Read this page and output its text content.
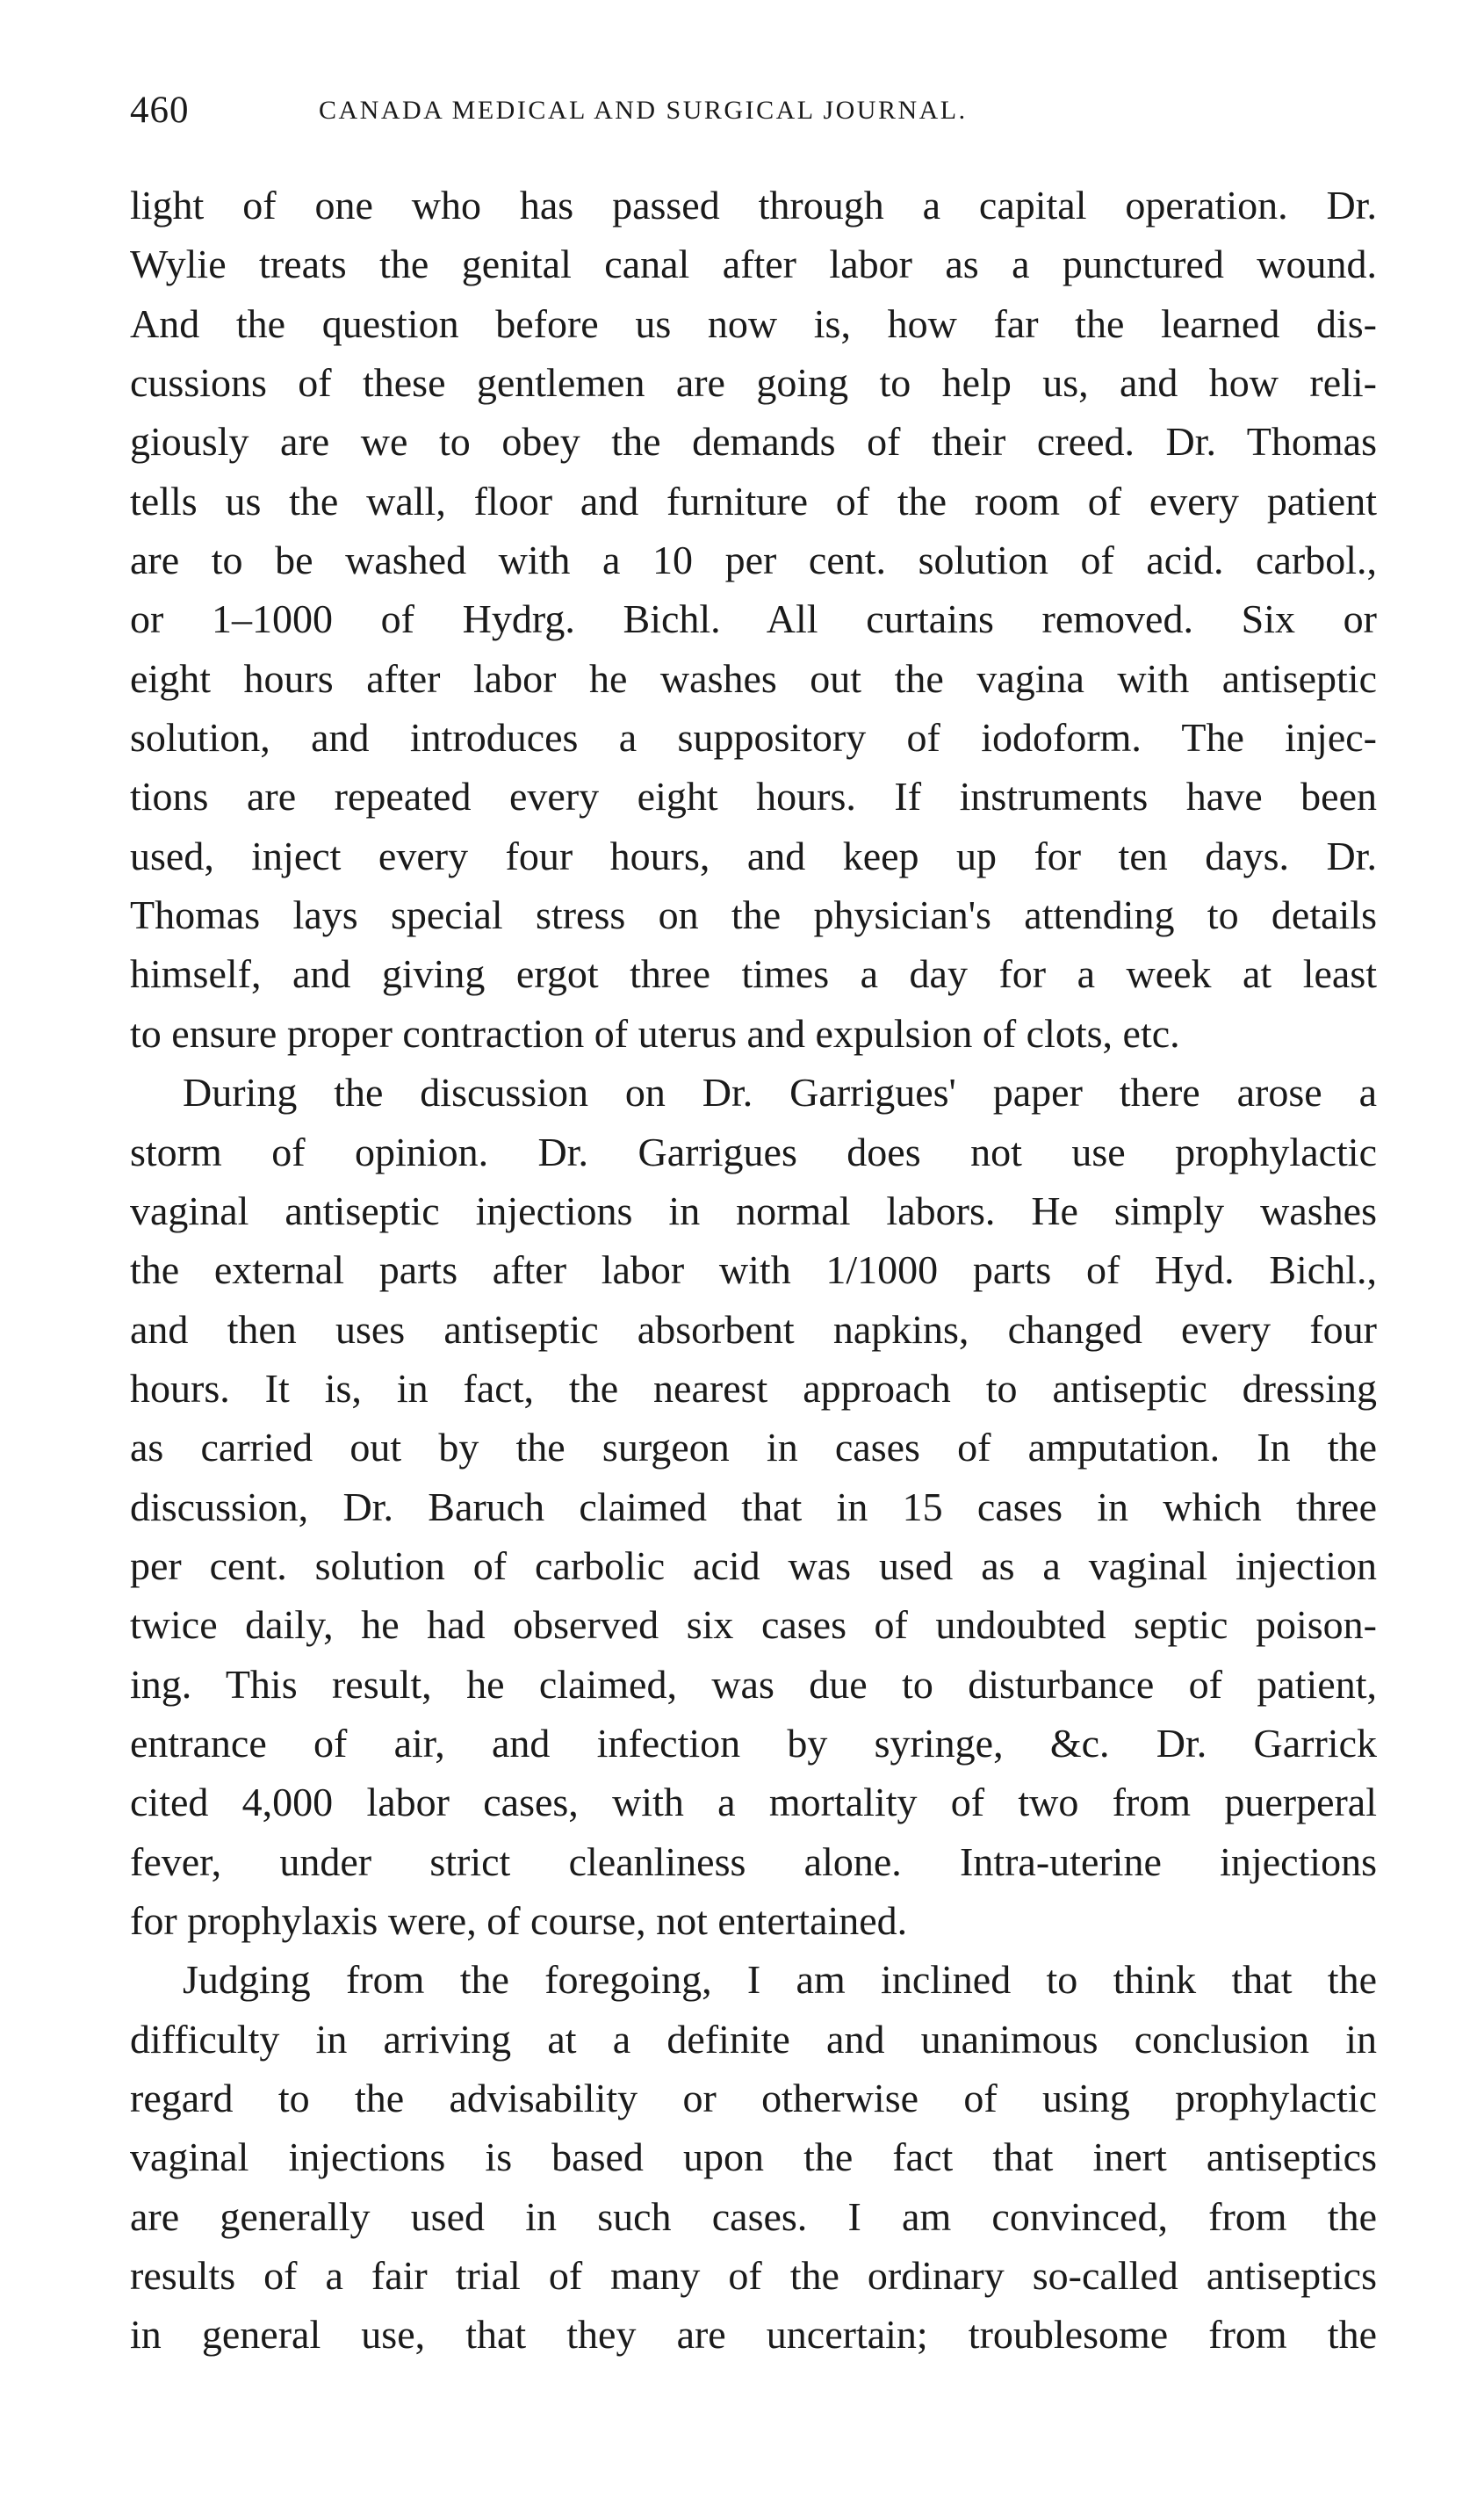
460	CANADA MEDICAL AND SURGICAL JOURNAL.
light of one who has passed through a capital operation. Dr.
Wylie treats the genital canal after labor as a punctured wound.
And the question before us now is, how far the learned dis-
cussions of these gentlemen are going to help us, and how reli-
giously are we to obey the demands of their creed. Dr. Thomas
tells us the wall, floor and furniture of the room of every patient
are to be washed with a 10 per cent. solution of acid. carbol.,
or 1–1000 of Hydrg. Bichl. All curtains removed. Six or
eight hours after labor he washes out the vagina with antiseptic
solution, and introduces a suppository of iodoform. The injec-
tions are repeated every eight hours. If instruments have been
used, inject every four hours, and keep up for ten days. Dr.
Thomas lays special stress on the physician's attending to details
himself, and giving ergot three times a day for a week at least
to ensure proper contraction of uterus and expulsion of clots, etc.
During the discussion on Dr. Garrigues' paper there arose a
storm of opinion. Dr. Garrigues does not use prophylactic
vaginal antiseptic injections in normal labors. He simply washes
the external parts after labor with 1/1000 parts of Hyd. Bichl.,
and then uses antiseptic absorbent napkins, changed every four
hours. It is, in fact, the nearest approach to antiseptic dressing
as carried out by the surgeon in cases of amputation. In the
discussion, Dr. Baruch claimed that in 15 cases in which three
per cent. solution of carbolic acid was used as a vaginal injection
twice daily, he had observed six cases of undoubted septic poison-
ing. This result, he claimed, was due to disturbance of patient,
entrance of air, and infection by syringe, &c. Dr. Garrick
cited 4,000 labor cases, with a mortality of two from puerperal
fever, under strict cleanliness alone. Intra-uterine injections
for prophylaxis were, of course, not entertained.
Judging from the foregoing, I am inclined to think that the
difficulty in arriving at a definite and unanimous conclusion in
regard to the advisability or otherwise of using prophylactic
vaginal injections is based upon the fact that inert antiseptics
are generally used in such cases. I am convinced, from the
results of a fair trial of many of the ordinary so-called antiseptics
in general use, that they are uncertain; troublesome from the
